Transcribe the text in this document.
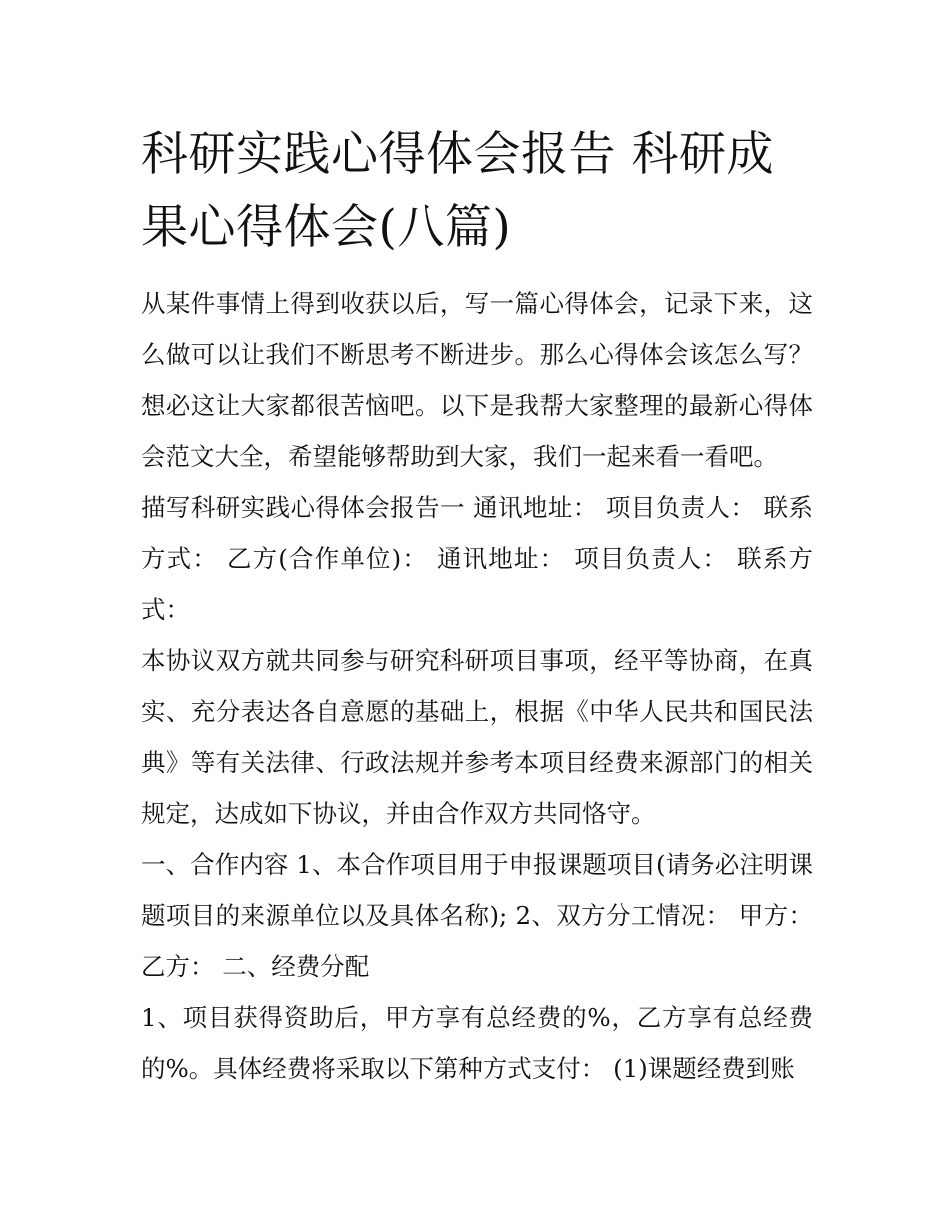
科研实践心得体会报告 科研成果心得体会(八篇)

从某件事情上得到收获以后，写一篇心得体会，记录下来，这么做可以让我们不断思考不断进步。那么心得体会该怎么写？想必这让大家都很苦恼吧。以下是我帮大家整理的最新心得体会范文大全，希望能够帮助到大家，我们一起来看一看吧。

描写科研实践心得体会报告一 通讯地址： 项目负责人： 联系方式： 乙方(合作单位)： 通讯地址： 项目负责人： 联系方式：

本协议双方就共同参与研究科研项目事项，经平等协商，在真实、充分表达各自意愿的基础上，根据《中华人民共和国民法典》等有关法律、行政法规并参考本项目经费来源部门的相关规定，达成如下协议，并由合作双方共同恪守。

一、合作内容 1、本合作项目用于申报课题项目(请务必注明课题项目的来源单位以及具体名称); 2、双方分工情况： 甲方： 乙方： 二、经费分配

1、项目获得资助后，甲方享有总经费的%，乙方享有总经费的%。具体经费将采取以下第种方式支付： (1)课题经费到账
